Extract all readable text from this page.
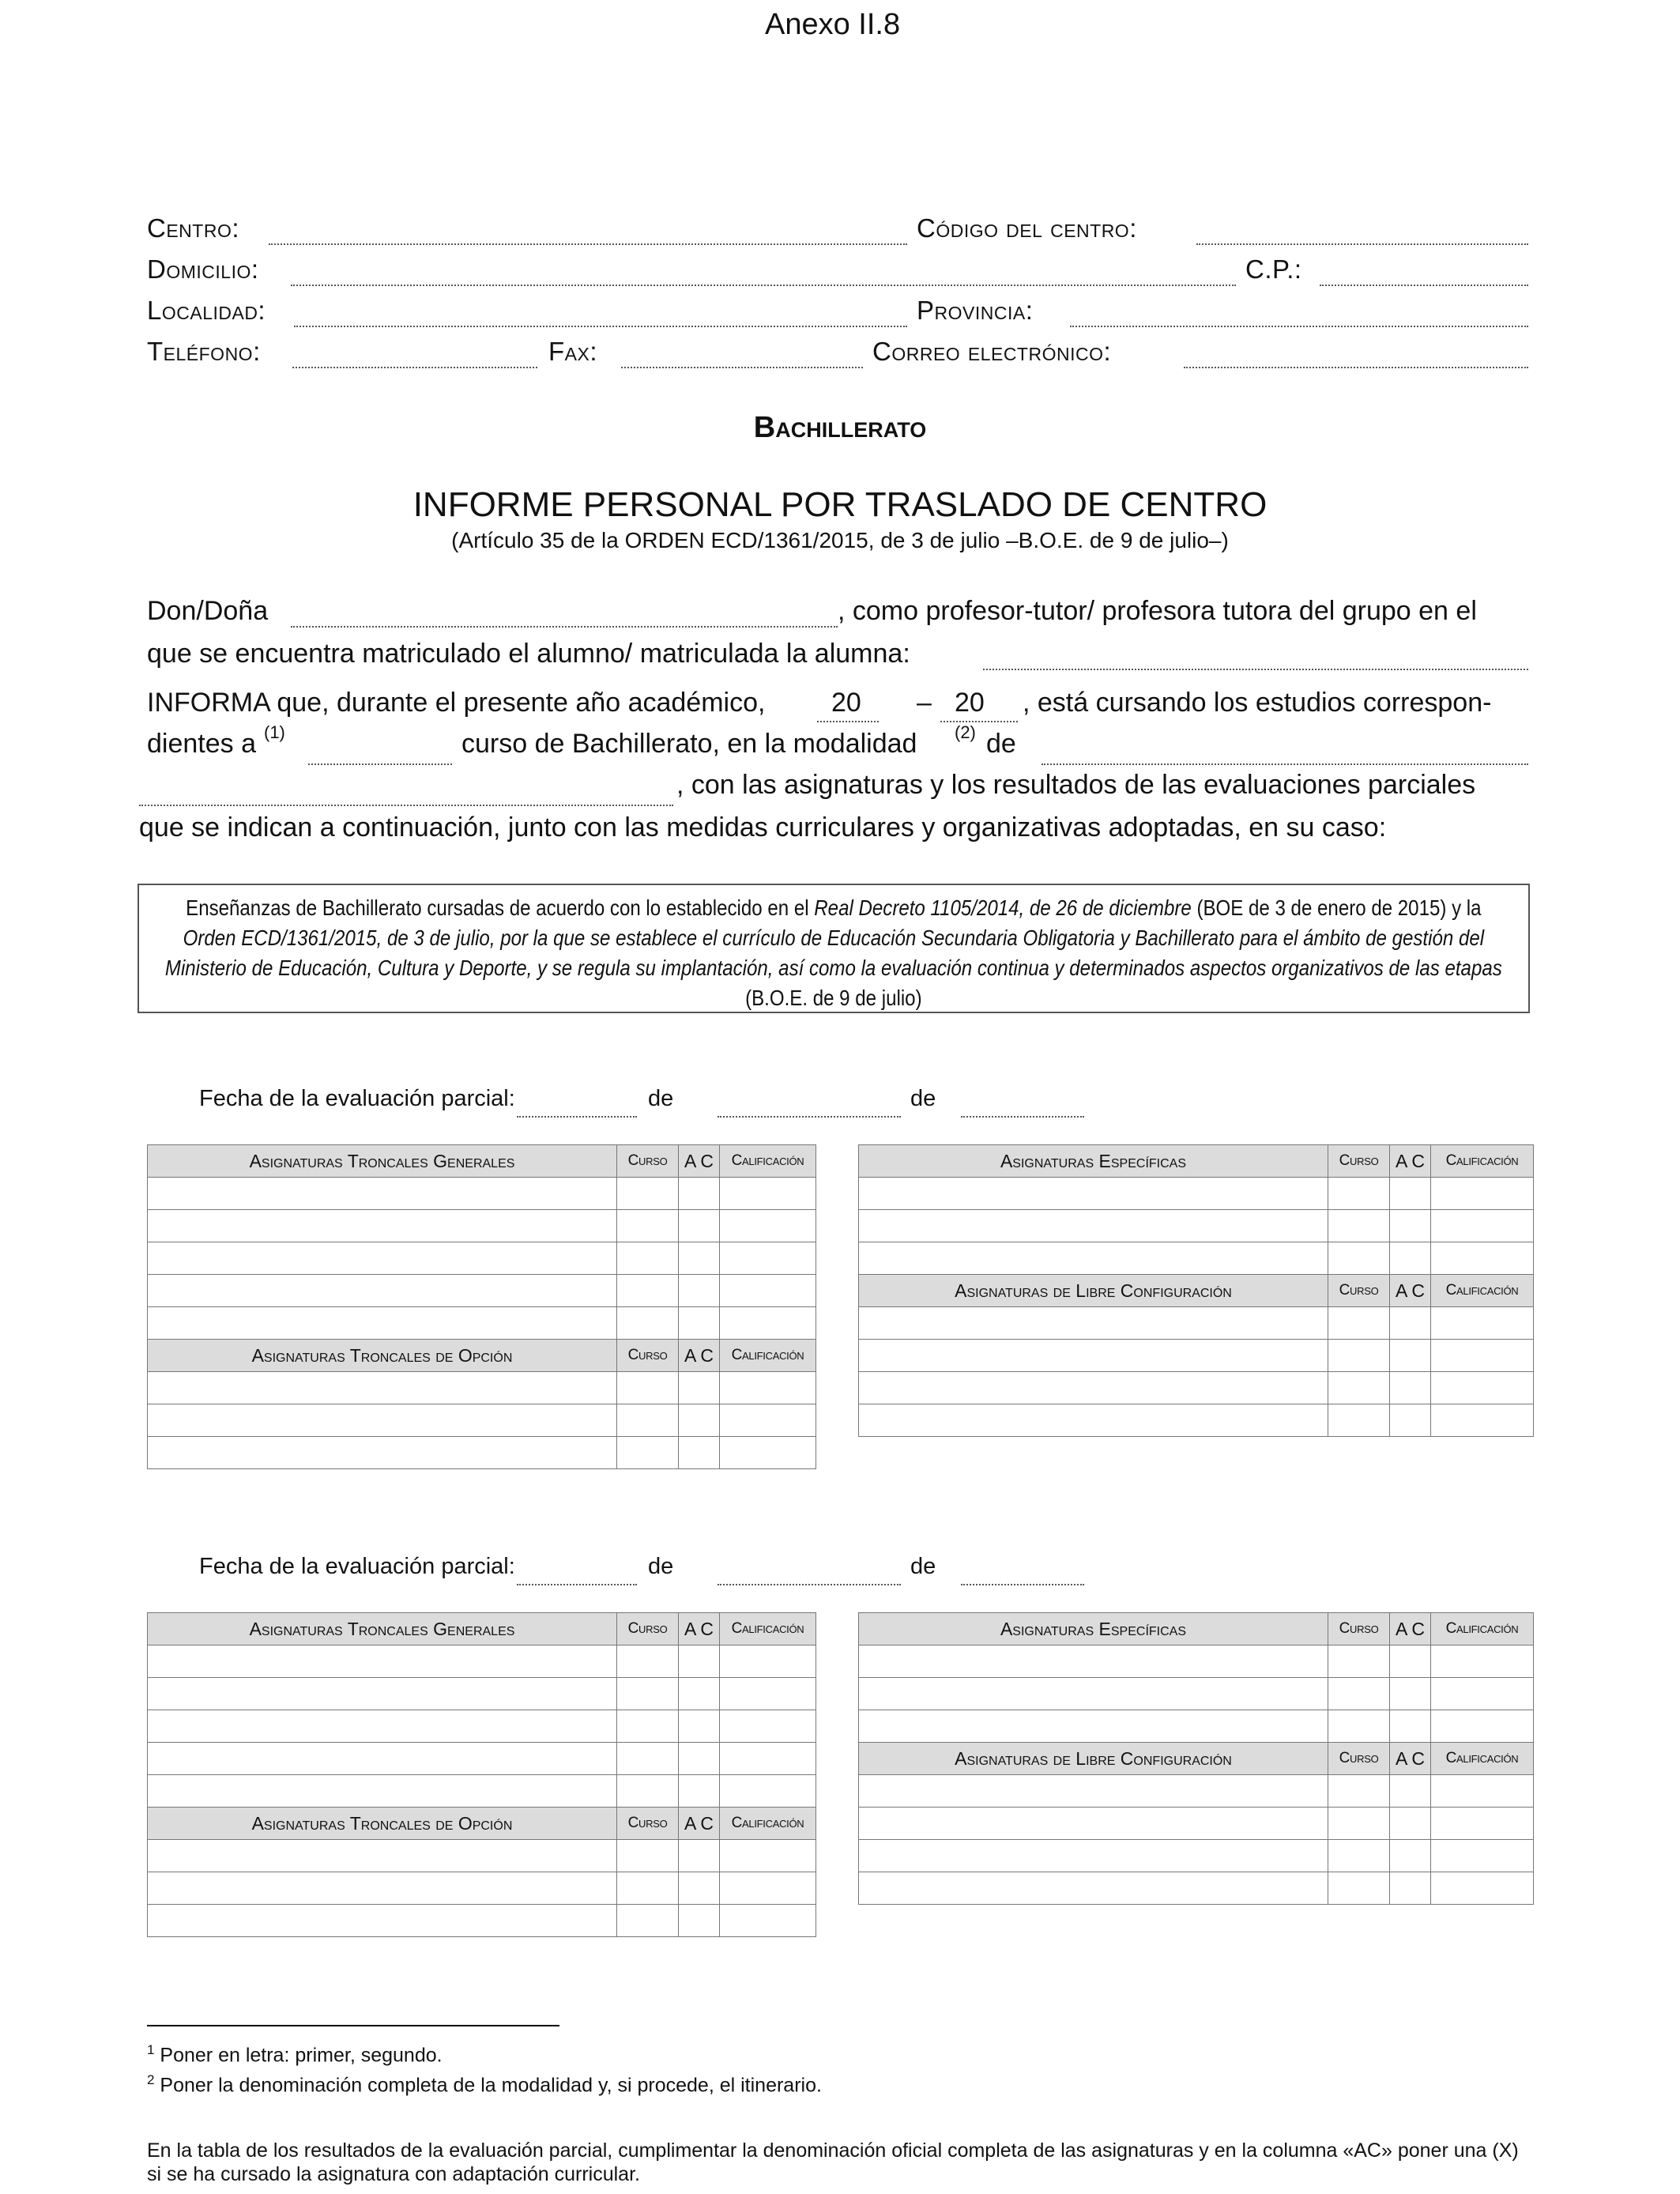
Anexo II.8
Centro:	Código del centro:
Domicilio:	C.P.:
Localidad:	Provincia:
Teléfono:	Fax:	Correo electrónico:
Bachillerato
INFORME PERSONAL POR TRASLADO DE CENTRO
(Artículo 35 de la ORDEN ECD/1361/2015, de 3 de julio –B.O.E. de 9 de julio–)
Don/Doña	, como profesor-tutor/ profesora tutora del grupo en el
que se encuentra matriculado el alumno/ matriculada la alumna:
INFORMA que, durante el presente año académico, 20 – 20 , está cursando los estudios correspon-
dientes a (1)	curso de Bachillerato, en la modalidad (2) de
, con las asignaturas y los resultados de las evaluaciones parciales
que se indican a continuación, junto con las medidas curriculares y organizativas adoptadas, en su caso:
Enseñanzas de Bachillerato cursadas de acuerdo con lo establecido en el Real Decreto 1105/2014, de 26 de diciembre (BOE de 3 de enero de 2015) y la Orden ECD/1361/2015, de 3 de julio, por la que se establece el currículo de Educación Secundaria Obligatoria y Bachillerato para el ámbito de gestión del Ministerio de Educación, Cultura y Deporte, y se regula su implantación, así como la evaluación continua y determinados aspectos organizativos de las etapas (B.O.E. de 9 de julio)
Fecha de la evaluación parcial:	de	de
Asignaturas Troncales Generales	Curso	A C	Calificación

Asignaturas Troncales de Opción	Curso	A C	Calificación

Asignaturas Específicas	Curso	A C	Calificación

Asignaturas de Libre Configuración	Curso	A C	Calificación

Fecha de la evaluación parcial:	de	de
Asignaturas Troncales Generales	Curso	A C	Calificación

Asignaturas Troncales de Opción	Curso	A C	Calificación

Asignaturas Específicas	Curso	A C	Calificación

Asignaturas de Libre Configuración	Curso	A C	Calificación

$^1$ Poner en letra: primer, segundo.
$^2$ Poner la denominación completa de la modalidad y, si procede, el itinerario.
En la tabla de los resultados de la evaluación parcial, cumplimentar la denominación oficial completa de las asignaturas y en la columna «AC» poner una (X) si se ha cursado la asignatura con adaptación curricular.
